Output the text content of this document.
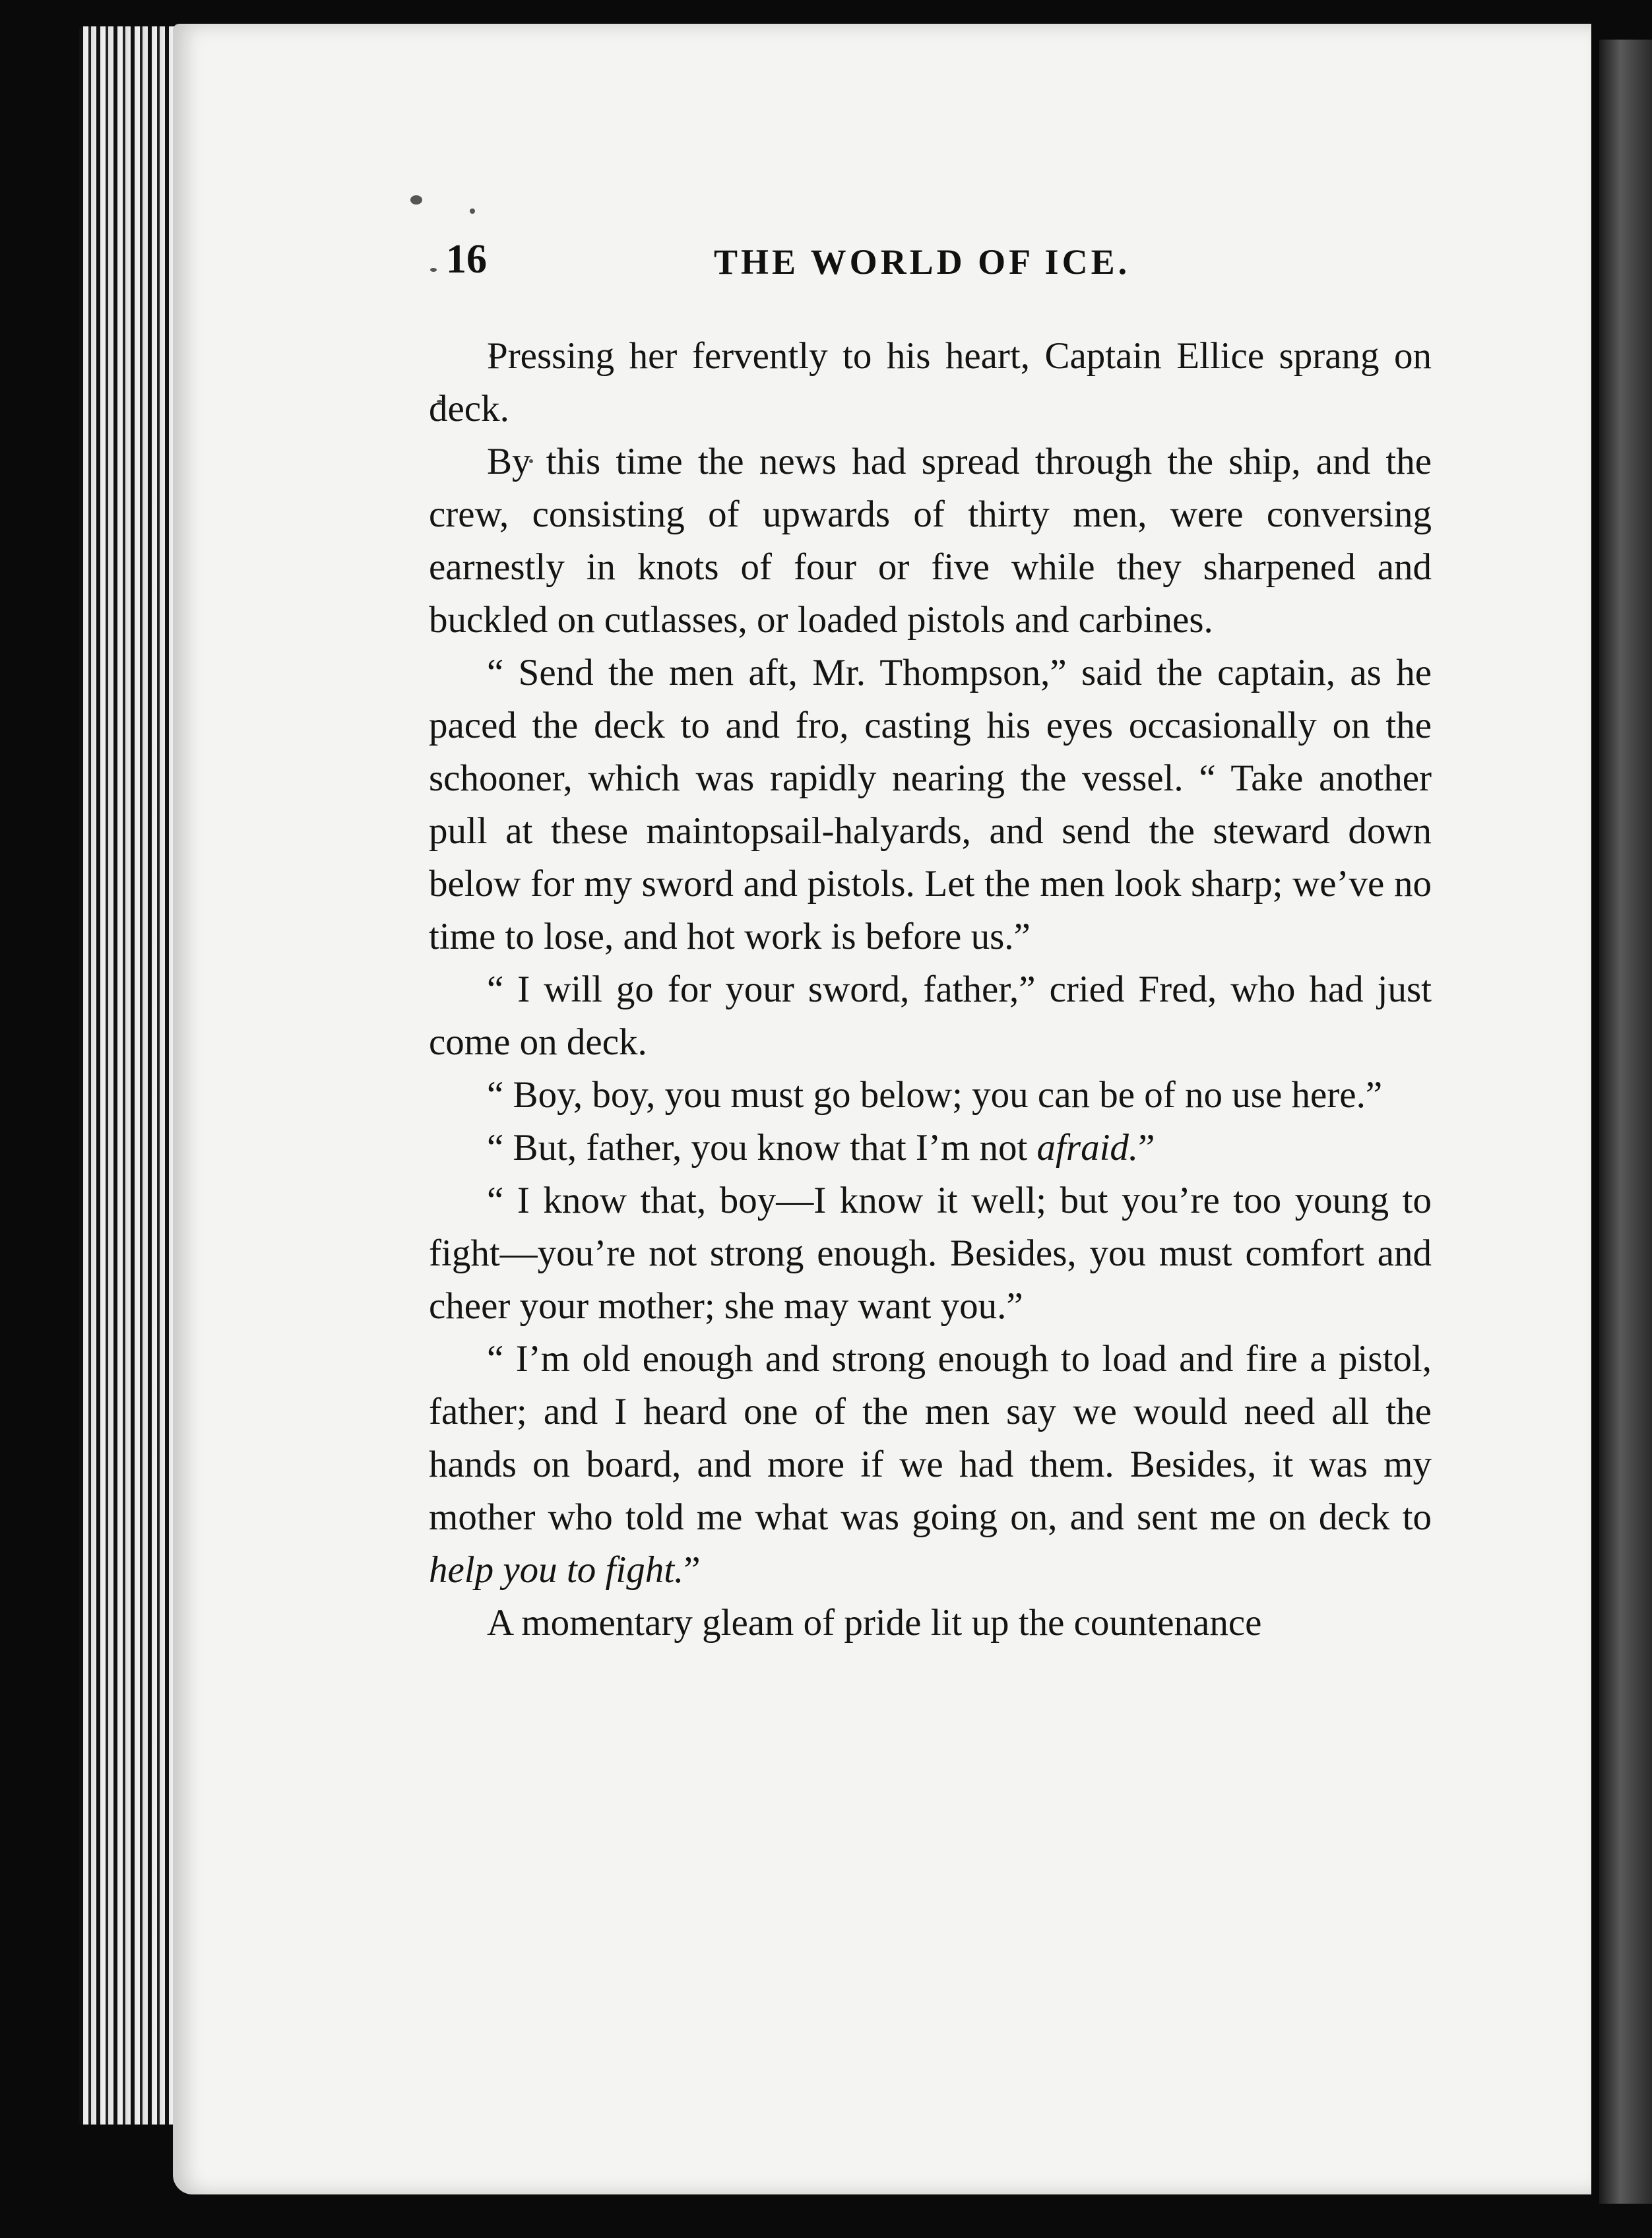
16	THE WORLD OF ICE.

Pressing her fervently to his heart, Captain Ellice sprang on deck.

By this time the news had spread through the ship, and the crew, consisting of upwards of thirty men, were conversing earnestly in knots of four or five while they sharpened and buckled on cutlasses, or loaded pistols and carbines.

“ Send the men aft, Mr. Thompson,” said the captain, as he paced the deck to and fro, casting his eyes occasionally on the schooner, which was rapidly nearing the vessel. “ Take another pull at these maintopsail-halyards, and send the steward down below for my sword and pistols. Let the men look sharp; we’ve no time to lose, and hot work is before us.”

“ I will go for your sword, father,” cried Fred, who had just come on deck.

“ Boy, boy, you must go below; you can be of no use here.”

“ But, father, you know that I’m not afraid.”

“ I know that, boy—I know it well; but you’re too young to fight—you’re not strong enough. Besides, you must comfort and cheer your mother; she may want you.”

“ I’m old enough and strong enough to load and fire a pistol, father; and I heard one of the men say we would need all the hands on board, and more if we had them. Besides, it was my mother who told me what was going on, and sent me on deck to help you to fight.”

A momentary gleam of pride lit up the countenance
